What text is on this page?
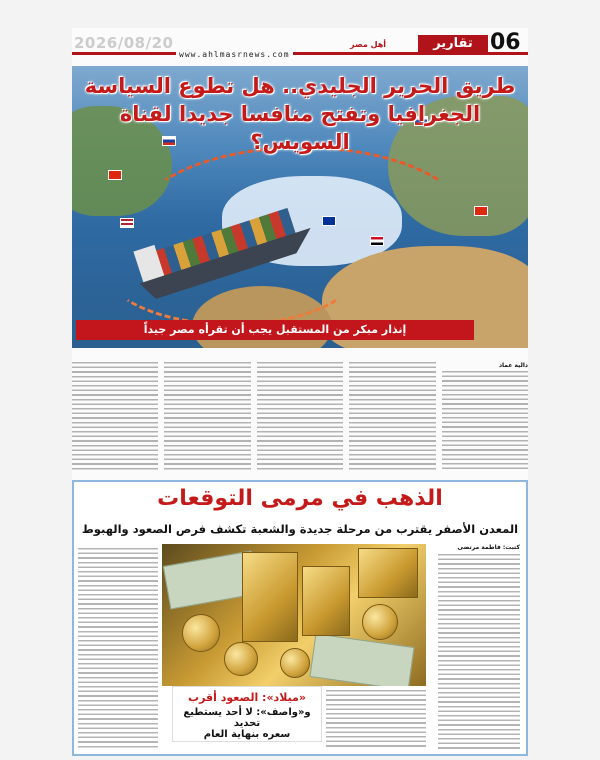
2026/08/20
www.ahlmasrnews.com
أهل مصر	تقارير 06
طريق الحرير الجليدي.. هل تطوع السياسة
الجغرافيا وتفتح منافسا جديدا لقناة السويس؟
إنذار مبكر من المستقبل يجب أن تقرأه مصر جيداً
دالية عماد
الذهب في مرمى التوقعات
المعدن الأصفر يقترب من مرحلة جديدة والشعبة تكشف فرص الصعود والهبوط
كتبت: فاطمة مرتضى
«ميلاد»: الصعود أقرب
و«واصف»: لا أحد يستطيع تحديد
سعره بنهاية العام
